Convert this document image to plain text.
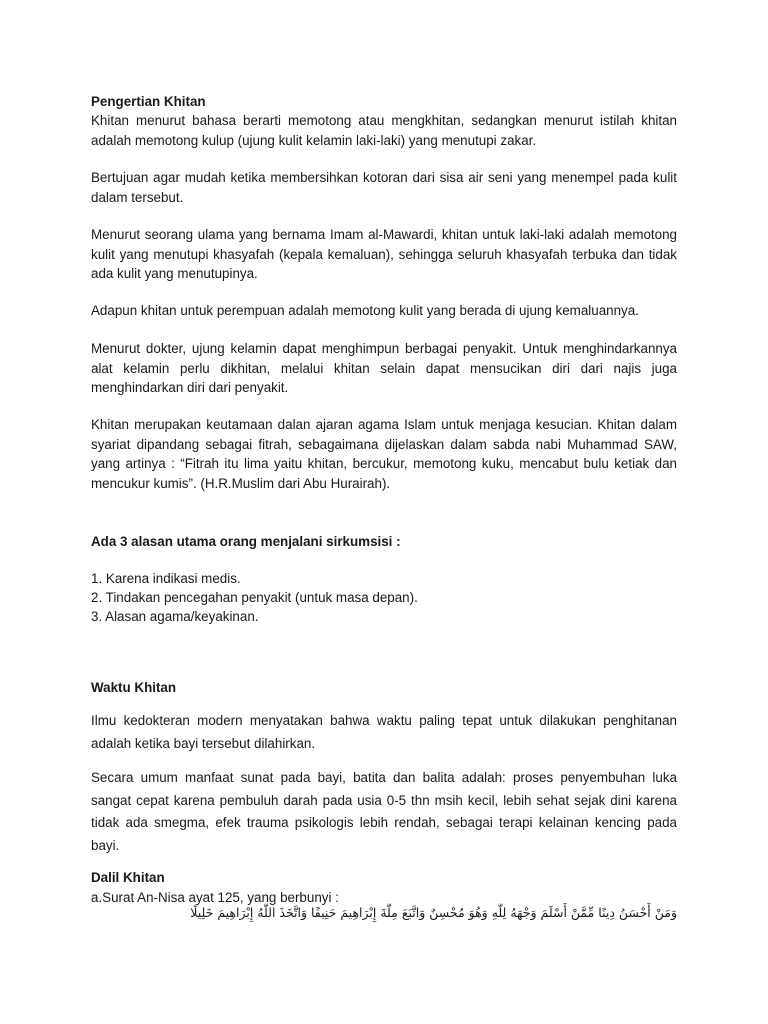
Pengertian Khitan

Khitan menurut bahasa berarti memotong atau mengkhitan, sedangkan menurut istilah khitan adalah memotong kulup (ujung kulit kelamin laki-laki) yang menutupi zakar.

Bertujuan agar mudah ketika membersihkan kotoran dari sisa air seni yang menempel pada kulit dalam tersebut.

Menurut seorang ulama yang bernama Imam al-Mawardi, khitan untuk laki-laki adalah memotong kulit yang menutupi khasyafah (kepala kemaluan), sehingga seluruh khasyafah terbuka dan tidak ada kulit yang menutupinya.

Adapun khitan untuk perempuan adalah memotong kulit yang berada di ujung kemaluannya.

Menurut dokter, ujung kelamin dapat menghimpun berbagai penyakit. Untuk menghindarkannya alat kelamin perlu dikhitan, melalui khitan selain dapat mensucikan diri dari najis juga menghindarkan diri dari penyakit.

Khitan merupakan keutamaan dalan ajaran agama Islam untuk menjaga kesucian. Khitan dalam syariat dipandang sebagai fitrah, sebagaimana dijelaskan dalam sabda nabi Muhammad SAW, yang artinya : “Fitrah itu lima yaitu khitan, bercukur, memotong kuku, mencabut bulu ketiak dan mencukur kumis”. (H.R.Muslim dari Abu Hurairah).

Ada 3 alasan utama orang menjalani sirkumsisi :
1. Karena indikasi medis.
2. Tindakan pencegahan penyakit (untuk masa depan).
3. Alasan agama/keyakinan.
Waktu Khitan

Ilmu kedokteran modern menyatakan bahwa waktu paling tepat untuk dilakukan penghitanan adalah ketika bayi tersebut dilahirkan.

Secara umum manfaat sunat pada bayi, batita dan balita adalah: proses penyembuhan luka sangat cepat karena pembuluh darah pada usia 0-5 thn msih kecil, lebih sehat sejak dini karena tidak ada smegma, efek trauma psikologis lebih rendah, sebagai terapi kelainan kencing pada bayi.

Dalil Khitan
a.Surat An-Nisa ayat 125, yang berbunyi :
وَمَنْ أَحْسَنُ دِينًا مِّمَّنْ أَسْلَمَ وَجْهَهُ لِلَّهِ وَهُوَ مُحْسِنٌ وَاتَّبَعَ مِلَّةَ إِبْرَاهِيمَ حَنِيفًا وَاتَّخَذَ اللَّهُ إِبْرَاهِيمَ خَلِيلًا
